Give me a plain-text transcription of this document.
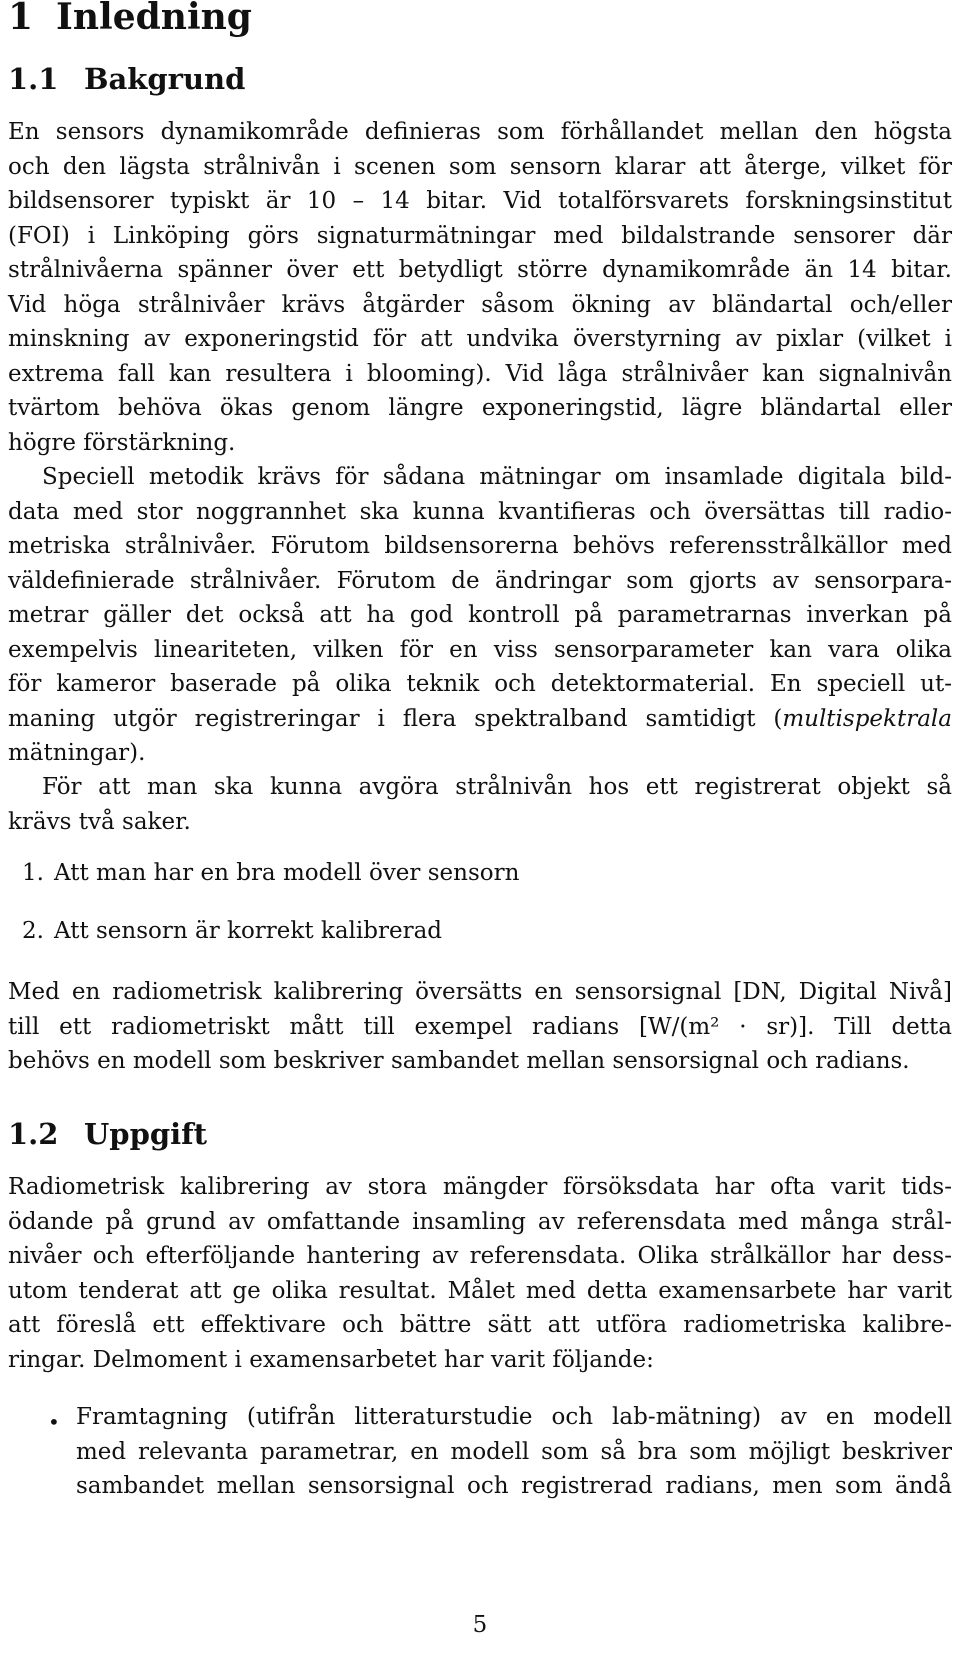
1 Inledning
1.1 Bakgrund
En sensors dynamikområde definieras som förhållandet mellan den högsta
och den lägsta strålnivån i scenen som sensorn klarar att återge, vilket för
bildsensorer typiskt är 10 – 14 bitar. Vid totalförsvarets forskningsinstitut
(FOI) i Linköping görs signaturmätningar med bildalstrande sensorer där
strålnivåerna spänner över ett betydligt större dynamikområde än 14 bitar.
Vid höga strålnivåer krävs åtgärder såsom ökning av bländartal och/eller
minskning av exponeringstid för att undvika överstyrning av pixlar (vilket i
extrema fall kan resultera i blooming). Vid låga strålnivåer kan signalnivån
tvärtom behöva ökas genom längre exponeringstid, lägre bländartal eller
högre förstärkning.
Speciell metodik krävs för sådana mätningar om insamlade digitala bild-
data med stor noggrannhet ska kunna kvantifieras och översättas till radio-
metriska strålnivåer. Förutom bildsensorerna behövs referensstrålkällor med
väldefinierade strålnivåer. Förutom de ändringar som gjorts av sensorpara-
metrar gäller det också att ha god kontroll på parametrarnas inverkan på
exempelvis lineariteten, vilken för en viss sensorparameter kan vara olika
för kameror baserade på olika teknik och detektormaterial. En speciell ut-
maning utgör registreringar i flera spektralband samtidigt (multispektrala
mätningar).
För att man ska kunna avgöra strålnivån hos ett registrerat objekt så
krävs två saker.
1. Att man har en bra modell över sensorn
2. Att sensorn är korrekt kalibrerad
Med en radiometrisk kalibrering översätts en sensorsignal [DN, Digital Nivå]
till ett radiometriskt mått till exempel radians [W/(m² · sr)]. Till detta
behövs en modell som beskriver sambandet mellan sensorsignal och radians.
1.2 Uppgift
Radiometrisk kalibrering av stora mängder försöksdata har ofta varit tids-
ödande på grund av omfattande insamling av referensdata med många strål-
nivåer och efterföljande hantering av referensdata. Olika strålkällor har dess-
utom tenderat att ge olika resultat. Målet med detta examensarbete har varit
att föreslå ett effektivare och bättre sätt att utföra radiometriska kalibre-
ringar. Delmoment i examensarbetet har varit följande:
• Framtagning (utifrån litteraturstudie och lab-mätning) av en modell
med relevanta parametrar, en modell som så bra som möjligt beskriver
sambandet mellan sensorsignal och registrerad radians, men som ändå
5
